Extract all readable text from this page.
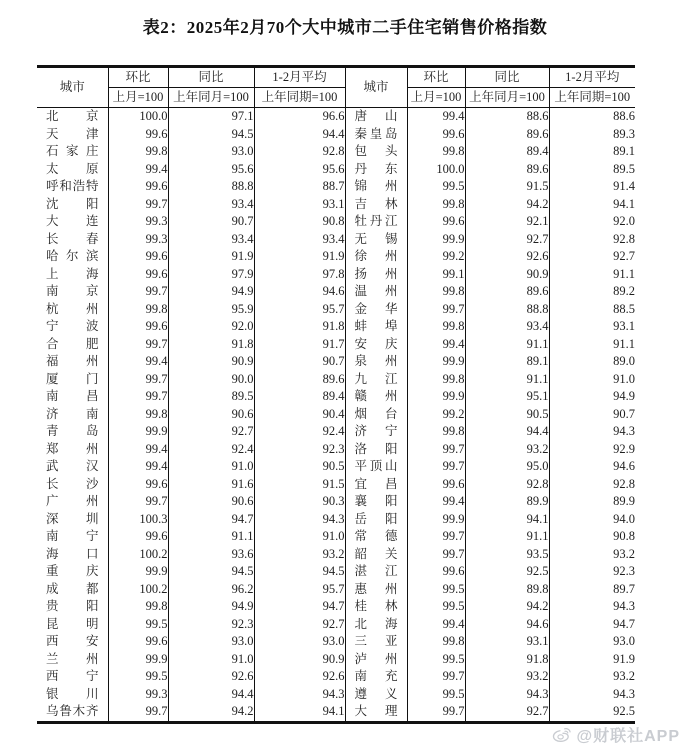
表2：2025年2月70个大中城市二手住宅销售价格指数
城市	环比	同比	1-2月平均	城市	环比	同比	1-2月平均
	上月=100	上年同月=100	上年同期=100		上月=100	上年同月=100	上年同期=100

北 京	100.0	97.1	96.6	唐 山	99.4	88.6	88.6

天 津	99.6	94.5	94.4	秦 皇 岛	99.6	89.6	89.3

石 家 庄	99.8	93.0	92.8	包 头	99.8	89.4	89.1

太 原	99.4	95.6	95.6	丹 东	100.0	89.6	89.5

呼 和 浩 特	99.6	88.8	88.7	锦 州	99.5	91.5	91.4

沈 阳	99.7	93.4	93.1	吉 林	99.8	94.2	94.1

大 连	99.3	90.7	90.8	牡 丹 江	99.6	92.1	92.0

长 春	99.3	93.4	93.4	无 锡	99.9	92.7	92.8

哈 尔 滨	99.6	91.9	91.9	徐 州	99.2	92.6	92.7

上 海	99.6	97.9	97.8	扬 州	99.1	90.9	91.1

南 京	99.7	94.9	94.6	温 州	99.8	89.6	89.2

杭 州	99.8	95.9	95.7	金 华	99.7	88.8	88.5

宁 波	99.6	92.0	91.8	蚌 埠	99.8	93.4	93.1

合 肥	99.7	91.8	91.7	安 庆	99.4	91.1	91.1

福 州	99.4	90.9	90.7	泉 州	99.9	89.1	89.0

厦 门	99.7	90.0	89.6	九 江	99.8	91.1	91.0

南 昌	99.7	89.5	89.4	赣 州	99.9	95.1	94.9

济 南	99.8	90.6	90.4	烟 台	99.2	90.5	90.7

青 岛	99.9	92.7	92.4	济 宁	99.8	94.4	94.3

郑 州	99.4	92.4	92.3	洛 阳	99.7	93.2	92.9

武 汉	99.4	91.0	90.5	平 顶 山	99.7	95.0	94.6

长 沙	99.6	91.6	91.5	宜 昌	99.6	92.8	92.8

广 州	99.7	90.6	90.3	襄 阳	99.4	89.9	89.9

深 圳	100.3	94.7	94.3	岳 阳	99.9	94.1	94.0

南 宁	99.6	91.1	91.0	常 德	99.7	91.1	90.8

海 口	100.2	93.6	93.2	韶 关	99.7	93.5	93.2

重 庆	99.9	94.5	94.5	湛 江	99.6	92.5	92.3

成 都	100.2	96.2	95.7	惠 州	99.5	89.8	89.7

贵 阳	99.8	94.9	94.7	桂 林	99.5	94.2	94.3

昆 明	99.5	92.3	92.7	北 海	99.4	94.6	94.7

西 安	99.6	93.0	93.0	三 亚	99.8	93.1	93.0

兰 州	99.9	91.0	90.9	泸 州	99.5	91.8	91.9

西 宁	99.5	92.6	92.6	南 充	99.7	93.2	93.2

银 川	99.3	94.4	94.3	遵 义	99.5	94.3	94.3

乌 鲁 木 齐	99.7	94.2	94.1	大 理	99.7	92.7	92.5
@财联社APP
